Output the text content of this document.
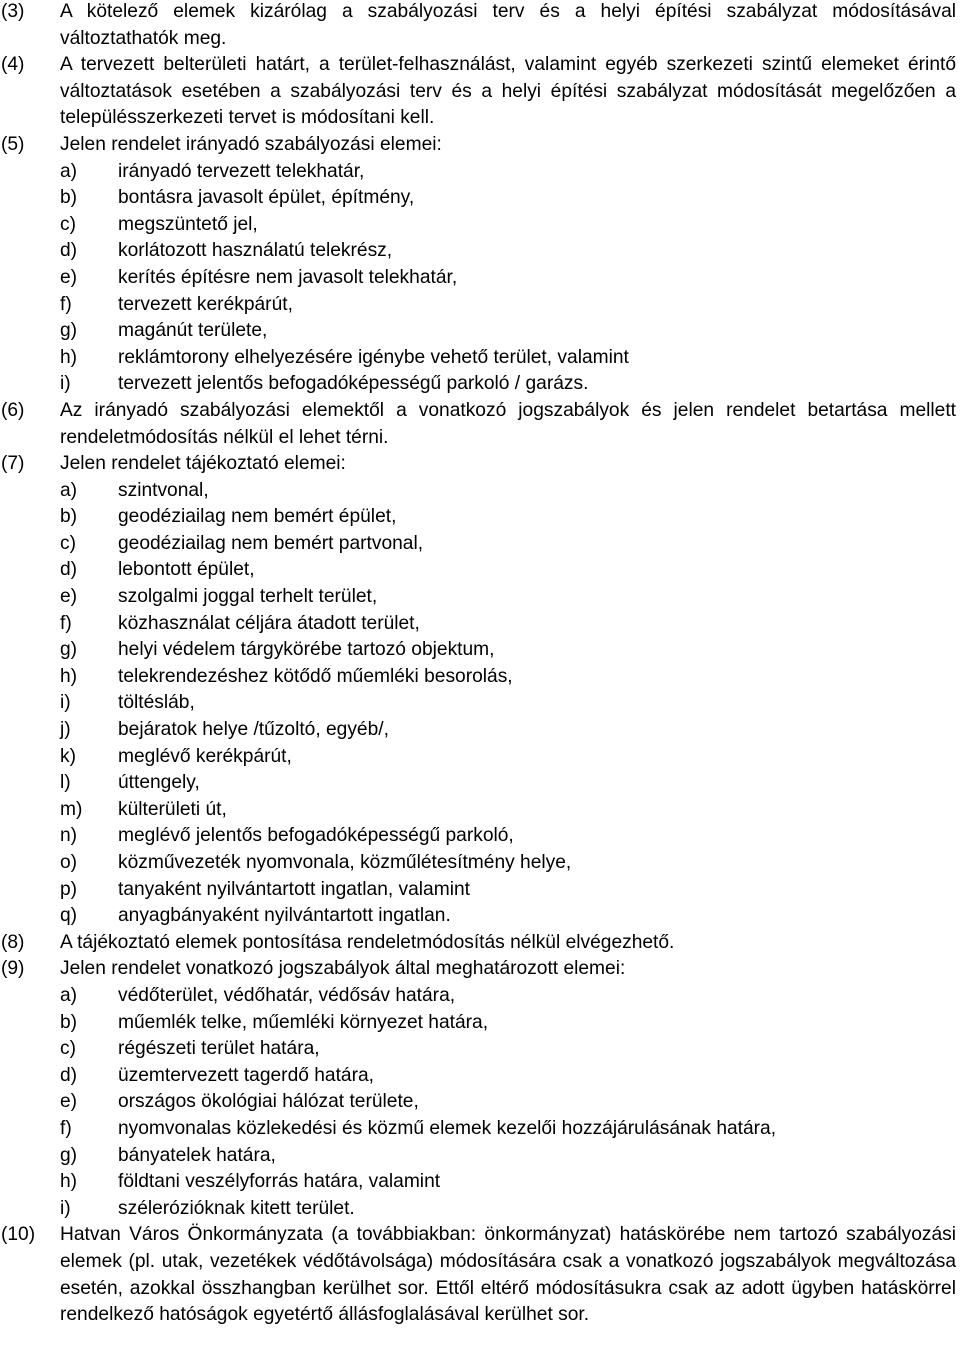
(3) A kötelező elemek kizárólag a szabályozási terv és a helyi építési szabályzat módosításával változtathatók meg.
(4) A tervezett belterületi határt, a terület-felhasználást, valamint egyéb szerkezeti szintű elemeket érintő változtatások esetében a szabályozási terv és a helyi építési szabályzat módosítását megelőzően a településszerkezeti tervet is módosítani kell.
(5) Jelen rendelet irányadó szabályozási elemei:
a) irányadó tervezett telekhatár,
b) bontásra javasolt épület, építmény,
c) megszüntető jel,
d) korlátozott használatú telekrész,
e) kerítés építésre nem javasolt telekhatár,
f) tervezett kerékpárút,
g) magánút területe,
h) reklámtorony elhelyezésére igénybe vehető terület, valamint
i) tervezett jelentős befogadóképességű parkoló / garázs.
(6) Az irányadó szabályozási elemektől a vonatkozó jogszabályok és jelen rendelet betartása mellett rendeletmódosítás nélkül el lehet térni.
(7) Jelen rendelet tájékoztató elemei:
a) szintvonal,
b) geodéziailag nem bemért épület,
c) geodéziailag nem bemért partvonal,
d) lebontott épület,
e) szolgalmi joggal terhelt terület,
f) közhasználat céljára átadott terület,
g) helyi védelem tárgykörébe tartozó objektum,
h) telekrendezéshez kötődő műemléki besorolás,
i) töltésláb,
j) bejáratok helye /tűzoltó, egyéb/,
k) meglévő kerékpárút,
l) úttengely,
m) külterületi út,
n) meglévő jelentős befogadóképességű parkoló,
o) közművezeték nyomvonala, közműlétesítmény helye,
p) tanyaként nyilvántartott ingatlan, valamint
q) anyagbányaként nyilvántartott ingatlan.
(8) A tájékoztató elemek pontosítása rendeletmódosítás nélkül elvégezhető.
(9) Jelen rendelet vonatkozó jogszabályok által meghatározott elemei:
a) védőterület, védőhatár, védősáv határa,
b) műemlék telke, műemléki környezet határa,
c) régészeti terület határa,
d) üzemtervezett tagerdő határa,
e) országos ökológiai hálózat területe,
f) nyomvonalas közlekedési és közmű elemek kezelői hozzájárulásának határa,
g) bányatelek határa,
h) földtani veszélyforrás határa, valamint
i) szélerózióknak kitett terület.
(10) Hatvan Város Önkormányzata (a továbbiakban: önkormányzat) hatáskörébe nem tartozó szabályozási elemek (pl. utak, vezetékek védőtávolsága) módosítására csak a vonatkozó jogszabályok megváltozása esetén, azokkal összhangban kerülhet sor. Ettől eltérő módosításukra csak az adott ügyben hatáskörrel rendelkező hatóságok egyetértő állásfoglalásával kerülhet sor.
